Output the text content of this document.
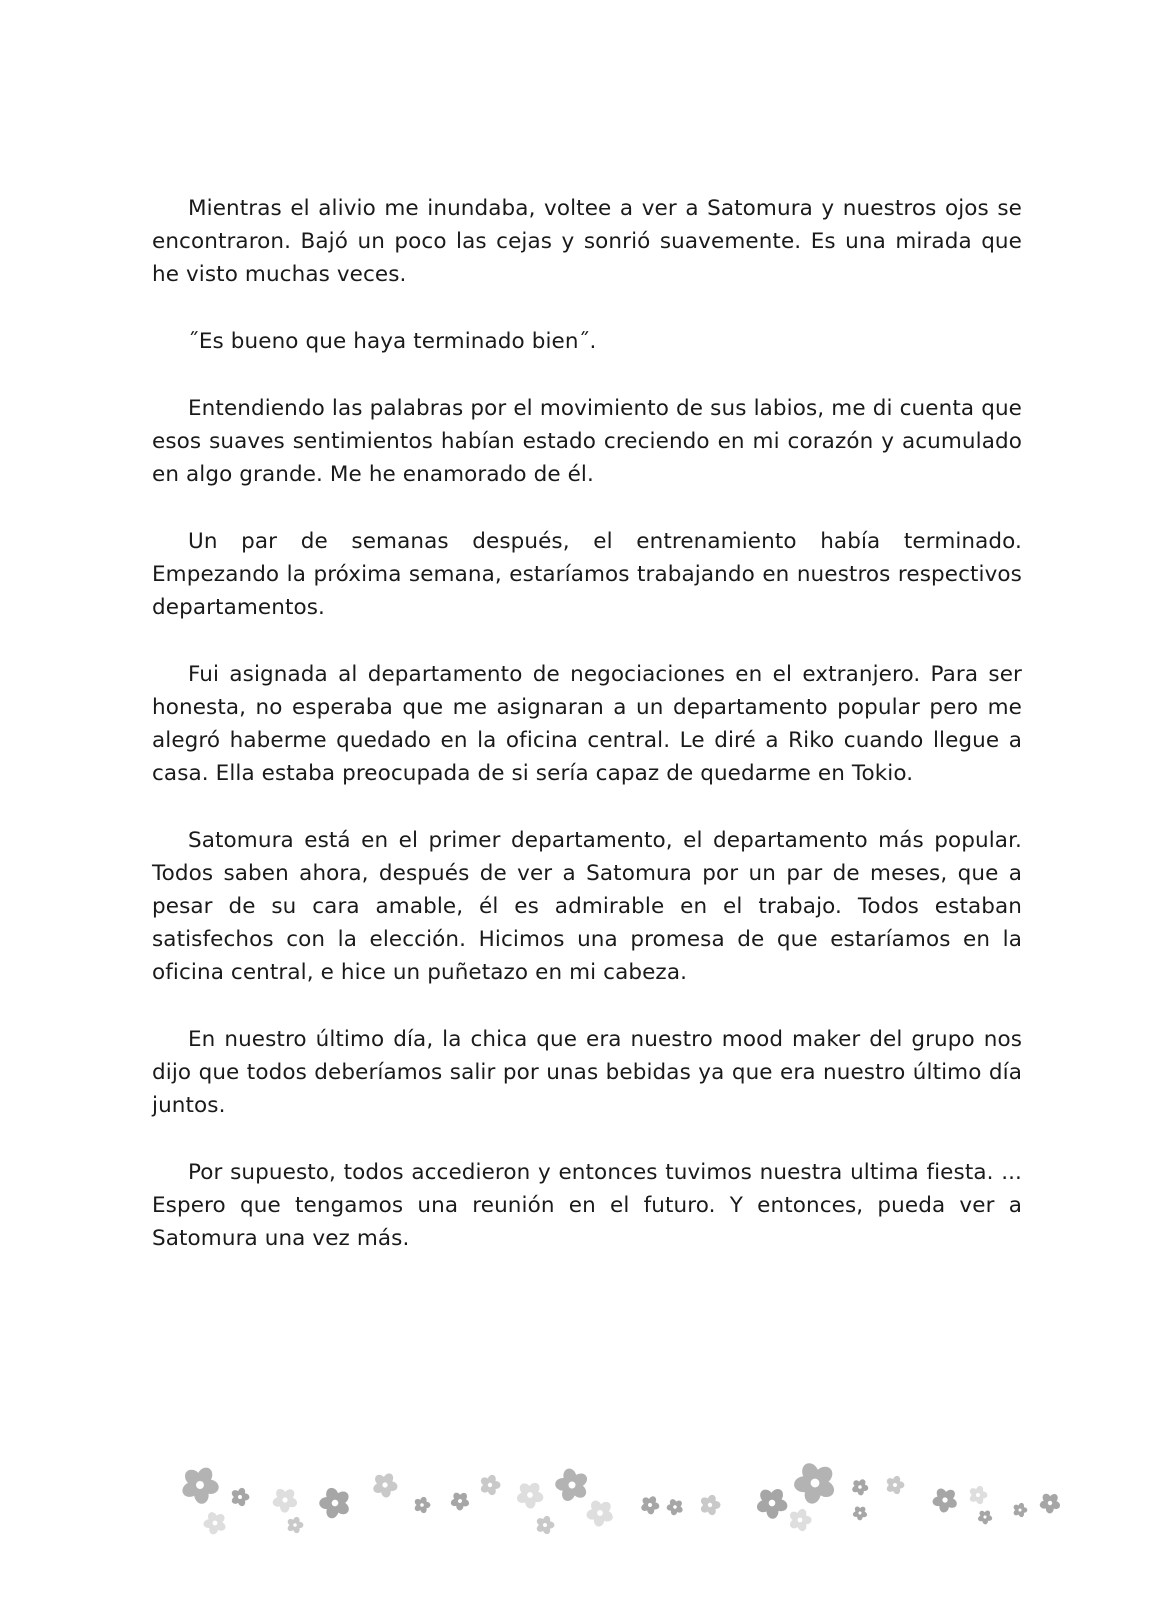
Mientras el alivio me inundaba, voltee a ver a Satomura y nuestros ojos se encontraron. Bajó un poco las cejas y sonrió suavemente. Es una mirada que he visto muchas veces.

˝Es bueno que haya terminado bien˝.

Entendiendo las palabras por el movimiento de sus labios, me di cuenta que esos suaves sentimientos habían estado creciendo en mi corazón y acumulado en algo grande. Me he enamorado de él.

Un par de semanas después, el entrenamiento había terminado. Empezando la próxima semana, estaríamos trabajando en nuestros respectivos departamentos.

Fui asignada al departamento de negociaciones en el extranjero. Para ser honesta, no esperaba que me asignaran a un departamento popular pero me alegró haberme quedado en la oficina central. Le diré a Riko cuando llegue a casa. Ella estaba preocupada de si sería capaz de quedarme en Tokio.

Satomura está en el primer departamento, el departamento más popular. Todos saben ahora, después de ver a Satomura por un par de meses, que a pesar de su cara amable, él es admirable en el trabajo. Todos estaban satisfechos con la elección. Hicimos una promesa de que estaríamos en la oficina central, e hice un puñetazo en mi cabeza.

En nuestro último día, la chica que era nuestro mood maker del grupo nos dijo que todos deberíamos salir por unas bebidas ya que era nuestro último día juntos.

Por supuesto, todos accedieron y entonces tuvimos nuestra ultima fiesta. ... Espero que tengamos una reunión en el futuro. Y entonces, pueda ver a Satomura una vez más.
